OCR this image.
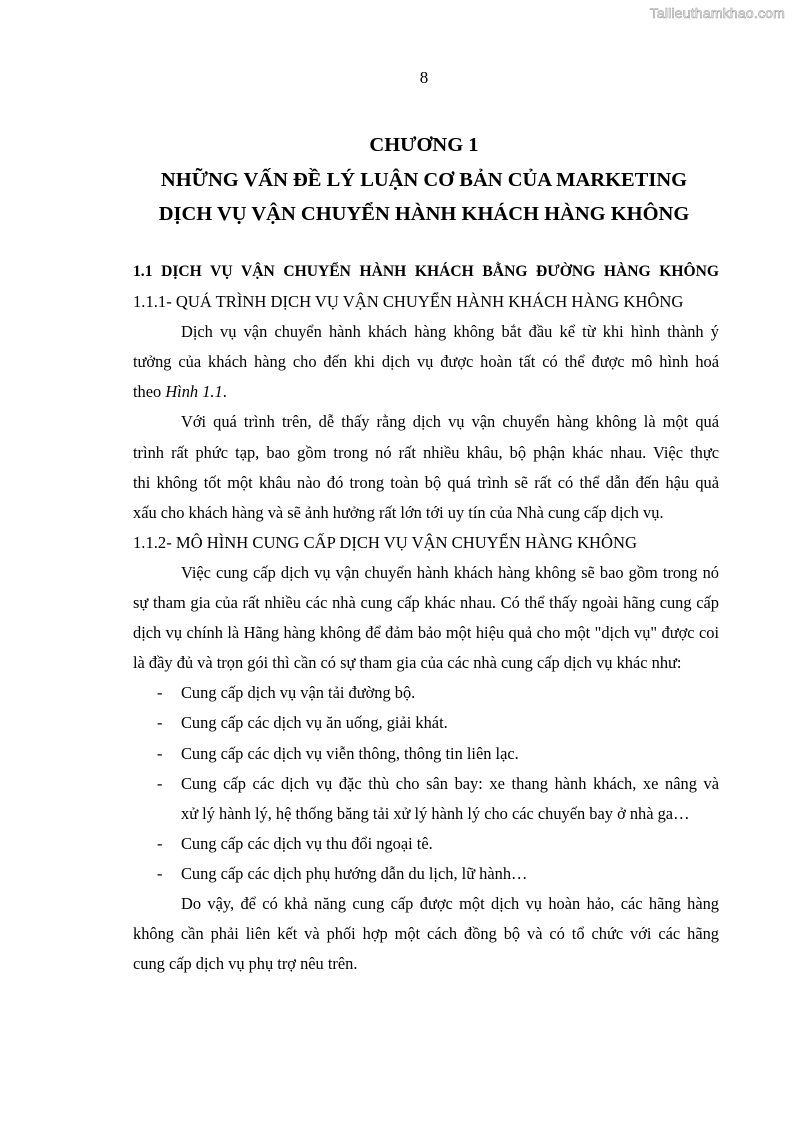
Tailieuthamkhao.com
8
CHƯƠNG 1
NHỮNG VẤN ĐỀ LÝ LUẬN CƠ BẢN CỦA MARKETING
DỊCH VỤ VẬN CHUYỂN HÀNH KHÁCH HÀNG KHÔNG
1.1 DỊCH VỤ VẬN CHUYỂN HÀNH KHÁCH BẰNG ĐƯỜNG HÀNG KHÔNG
1.1.1- QUÁ TRÌNH DỊCH VỤ VẬN CHUYỂN HÀNH KHÁCH HÀNG KHÔNG
Dịch vụ vận chuyển hành khách hàng không bắt đầu kể từ khi hình thành ý
tưởng của khách hàng cho đến khi dịch vụ được hoàn tất có thể được mô hình hoá
theo Hình 1.1.
Với quá trình trên, dễ thấy rằng dịch vụ vận chuyển hàng không là một quá
trình rất phức tạp, bao gồm trong nó rất nhiều khâu, bộ phận khác nhau. Việc thực
thi không tốt một khâu nào đó trong toàn bộ quá trình sẽ rất có thể dẫn đến hậu quả
xấu cho khách hàng và sẽ ảnh hưởng rất lớn tới uy tín của Nhà cung cấp dịch vụ.
1.1.2- MÔ HÌNH CUNG CẤP DỊCH VỤ VẬN CHUYỂN HÀNG KHÔNG
Việc cung cấp dịch vụ vận chuyển hành khách hàng không sẽ bao gồm trong nó
sự tham gia của rất nhiều các nhà cung cấp khác nhau. Có thể thấy ngoài hãng cung cấp
dịch vụ chính là Hãng hàng không để đảm bảo một hiệu quả cho một "dịch vụ" được coi
là đầy đủ và trọn gói thì cần có sự tham gia của các nhà cung cấp dịch vụ khác như:
- Cung cấp dịch vụ vận tải đường bộ.
- Cung cấp các dịch vụ ăn uống, giải khát.
- Cung cấp các dịch vụ viễn thông, thông tin liên lạc.
- Cung cấp các dịch vụ đặc thù cho sân bay: xe thang hành khách, xe nâng và
xử lý hành lý, hệ thống băng tải xử lý hành lý cho các chuyến bay ở nhà ga…
- Cung cấp các dịch vụ thu đổi ngoại tê.
- Cung cấp các dịch phụ hướng dẫn du lịch, lữ hành…
Do vậy, để có khả năng cung cấp được một dịch vụ hoàn hảo, các hãng hàng
không cần phải liên kết và phối hợp một cách đồng bộ và có tổ chức với các hãng
cung cấp dịch vụ phụ trợ nêu trên.
